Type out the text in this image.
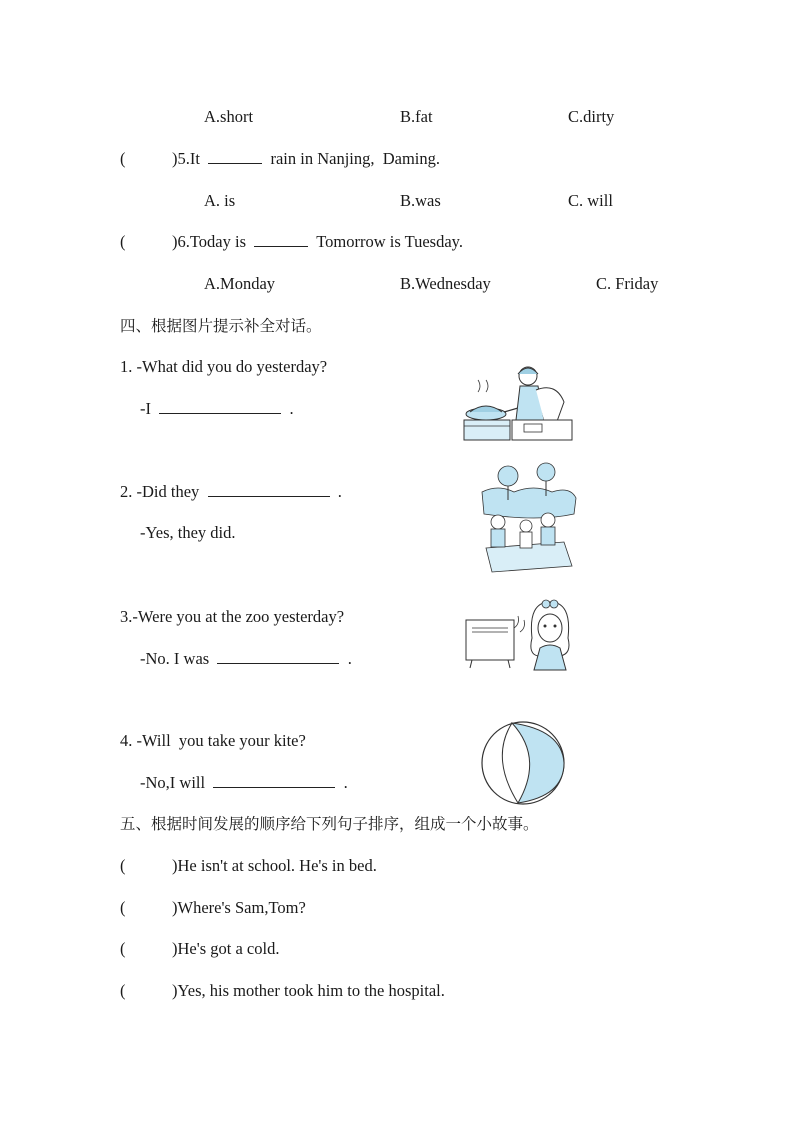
A.short	B.fat	C.dirty
(	)5.It	rain in Nanjing,  Daming.
A. is	B.was	C. will
(	)6.Today is	Tomorrow is Tuesday.
A.Monday	B.Wednesday	C. Friday
四、根据图片提示补全对话。
1. -What did you do yesterday?
-I	.
2. -Did they	.
-Yes, they did.
3.-Were you at the zoo yesterday?
-No. I was	.
4. -Will  you take your kite?
-No,I will	.
五、根据时间发展的顺序给下列句子排序，组成一个小故事。
(	)He isn't at school. He's in bed.
(	)Where's Sam,Tom?
(	)He's got a cold.
(	)Yes, his mother took him to the hospital.
